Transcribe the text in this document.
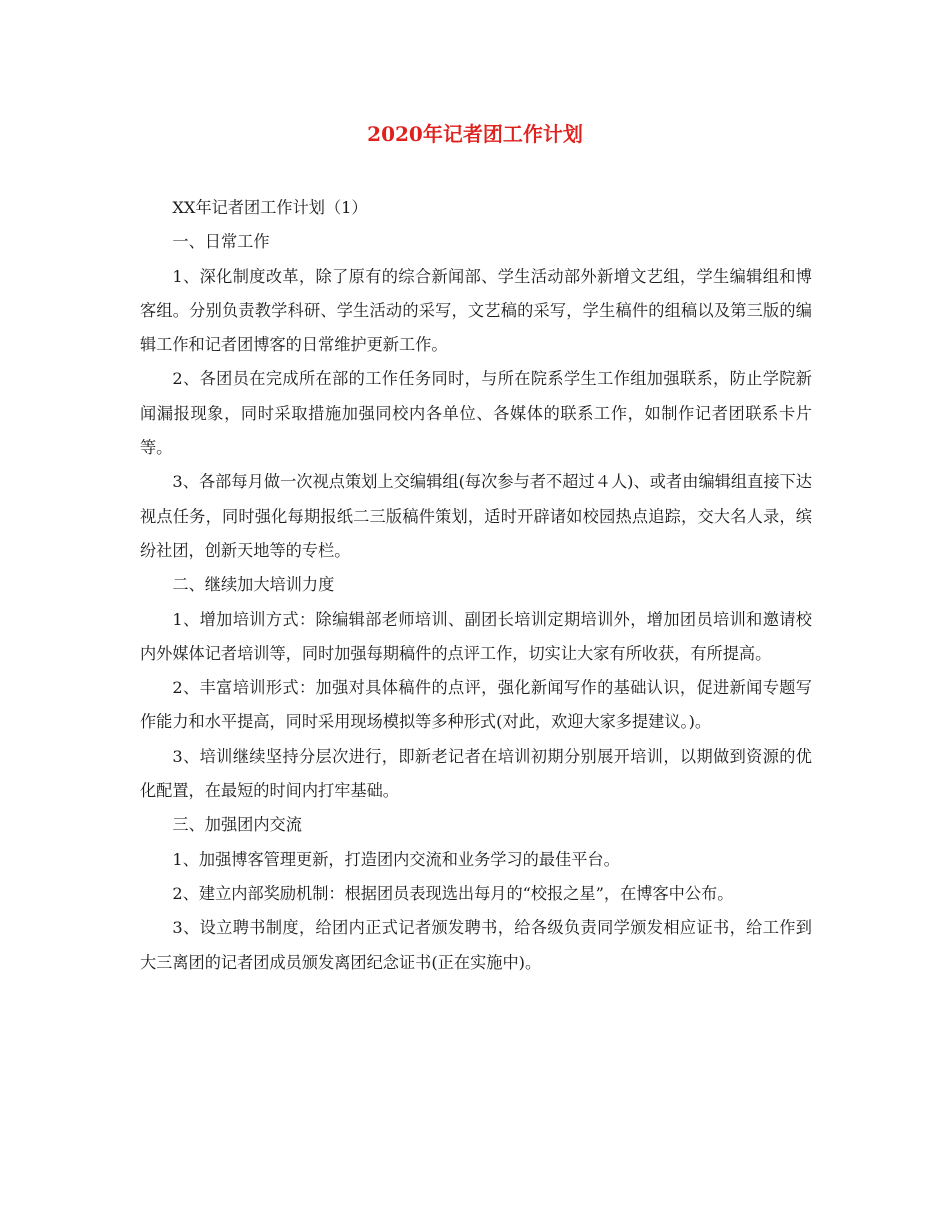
2020年记者团工作计划

XX年记者团工作计划（1）

一、日常工作

1、深化制度改革，除了原有的综合新闻部、学生活动部外新增文艺组，学生编辑组和博客组。分别负责教学科研、学生活动的采写，文艺稿的采写，学生稿件的组稿以及第三版的编辑工作和记者团博客的日常维护更新工作。

2、各团员在完成所在部的工作任务同时，与所在院系学生工作组加强联系，防止学院新闻漏报现象，同时采取措施加强同校内各单位、各媒体的联系工作，如制作记者团联系卡片等。

3、各部每月做一次视点策划上交编辑组(每次参与者不超过４人)、或者由编辑组直接下达视点任务，同时强化每期报纸二三版稿件策划，适时开辟诸如校园热点追踪，交大名人录，缤纷社团，创新天地等的专栏。

二、继续加大培训力度

1、增加培训方式：除编辑部老师培训、副团长培训定期培训外，增加团员培训和邀请校内外媒体记者培训等，同时加强每期稿件的点评工作，切实让大家有所收获，有所提高。

2、丰富培训形式：加强对具体稿件的点评，强化新闻写作的基础认识，促进新闻专题写作能力和水平提高，同时采用现场模拟等多种形式(对此，欢迎大家多提建议。)。

3、培训继续坚持分层次进行，即新老记者在培训初期分别展开培训，以期做到资源的优化配置，在最短的时间内打牢基础。

三、加强团内交流

1、加强博客管理更新，打造团内交流和业务学习的最佳平台。

2、建立内部奖励机制：根据团员表现选出每月的“校报之星”，在博客中公布。

3、设立聘书制度，给团内正式记者颁发聘书，给各级负责同学颁发相应证书，给工作到大三离团的记者团成员颁发离团纪念证书(正在实施中)。
